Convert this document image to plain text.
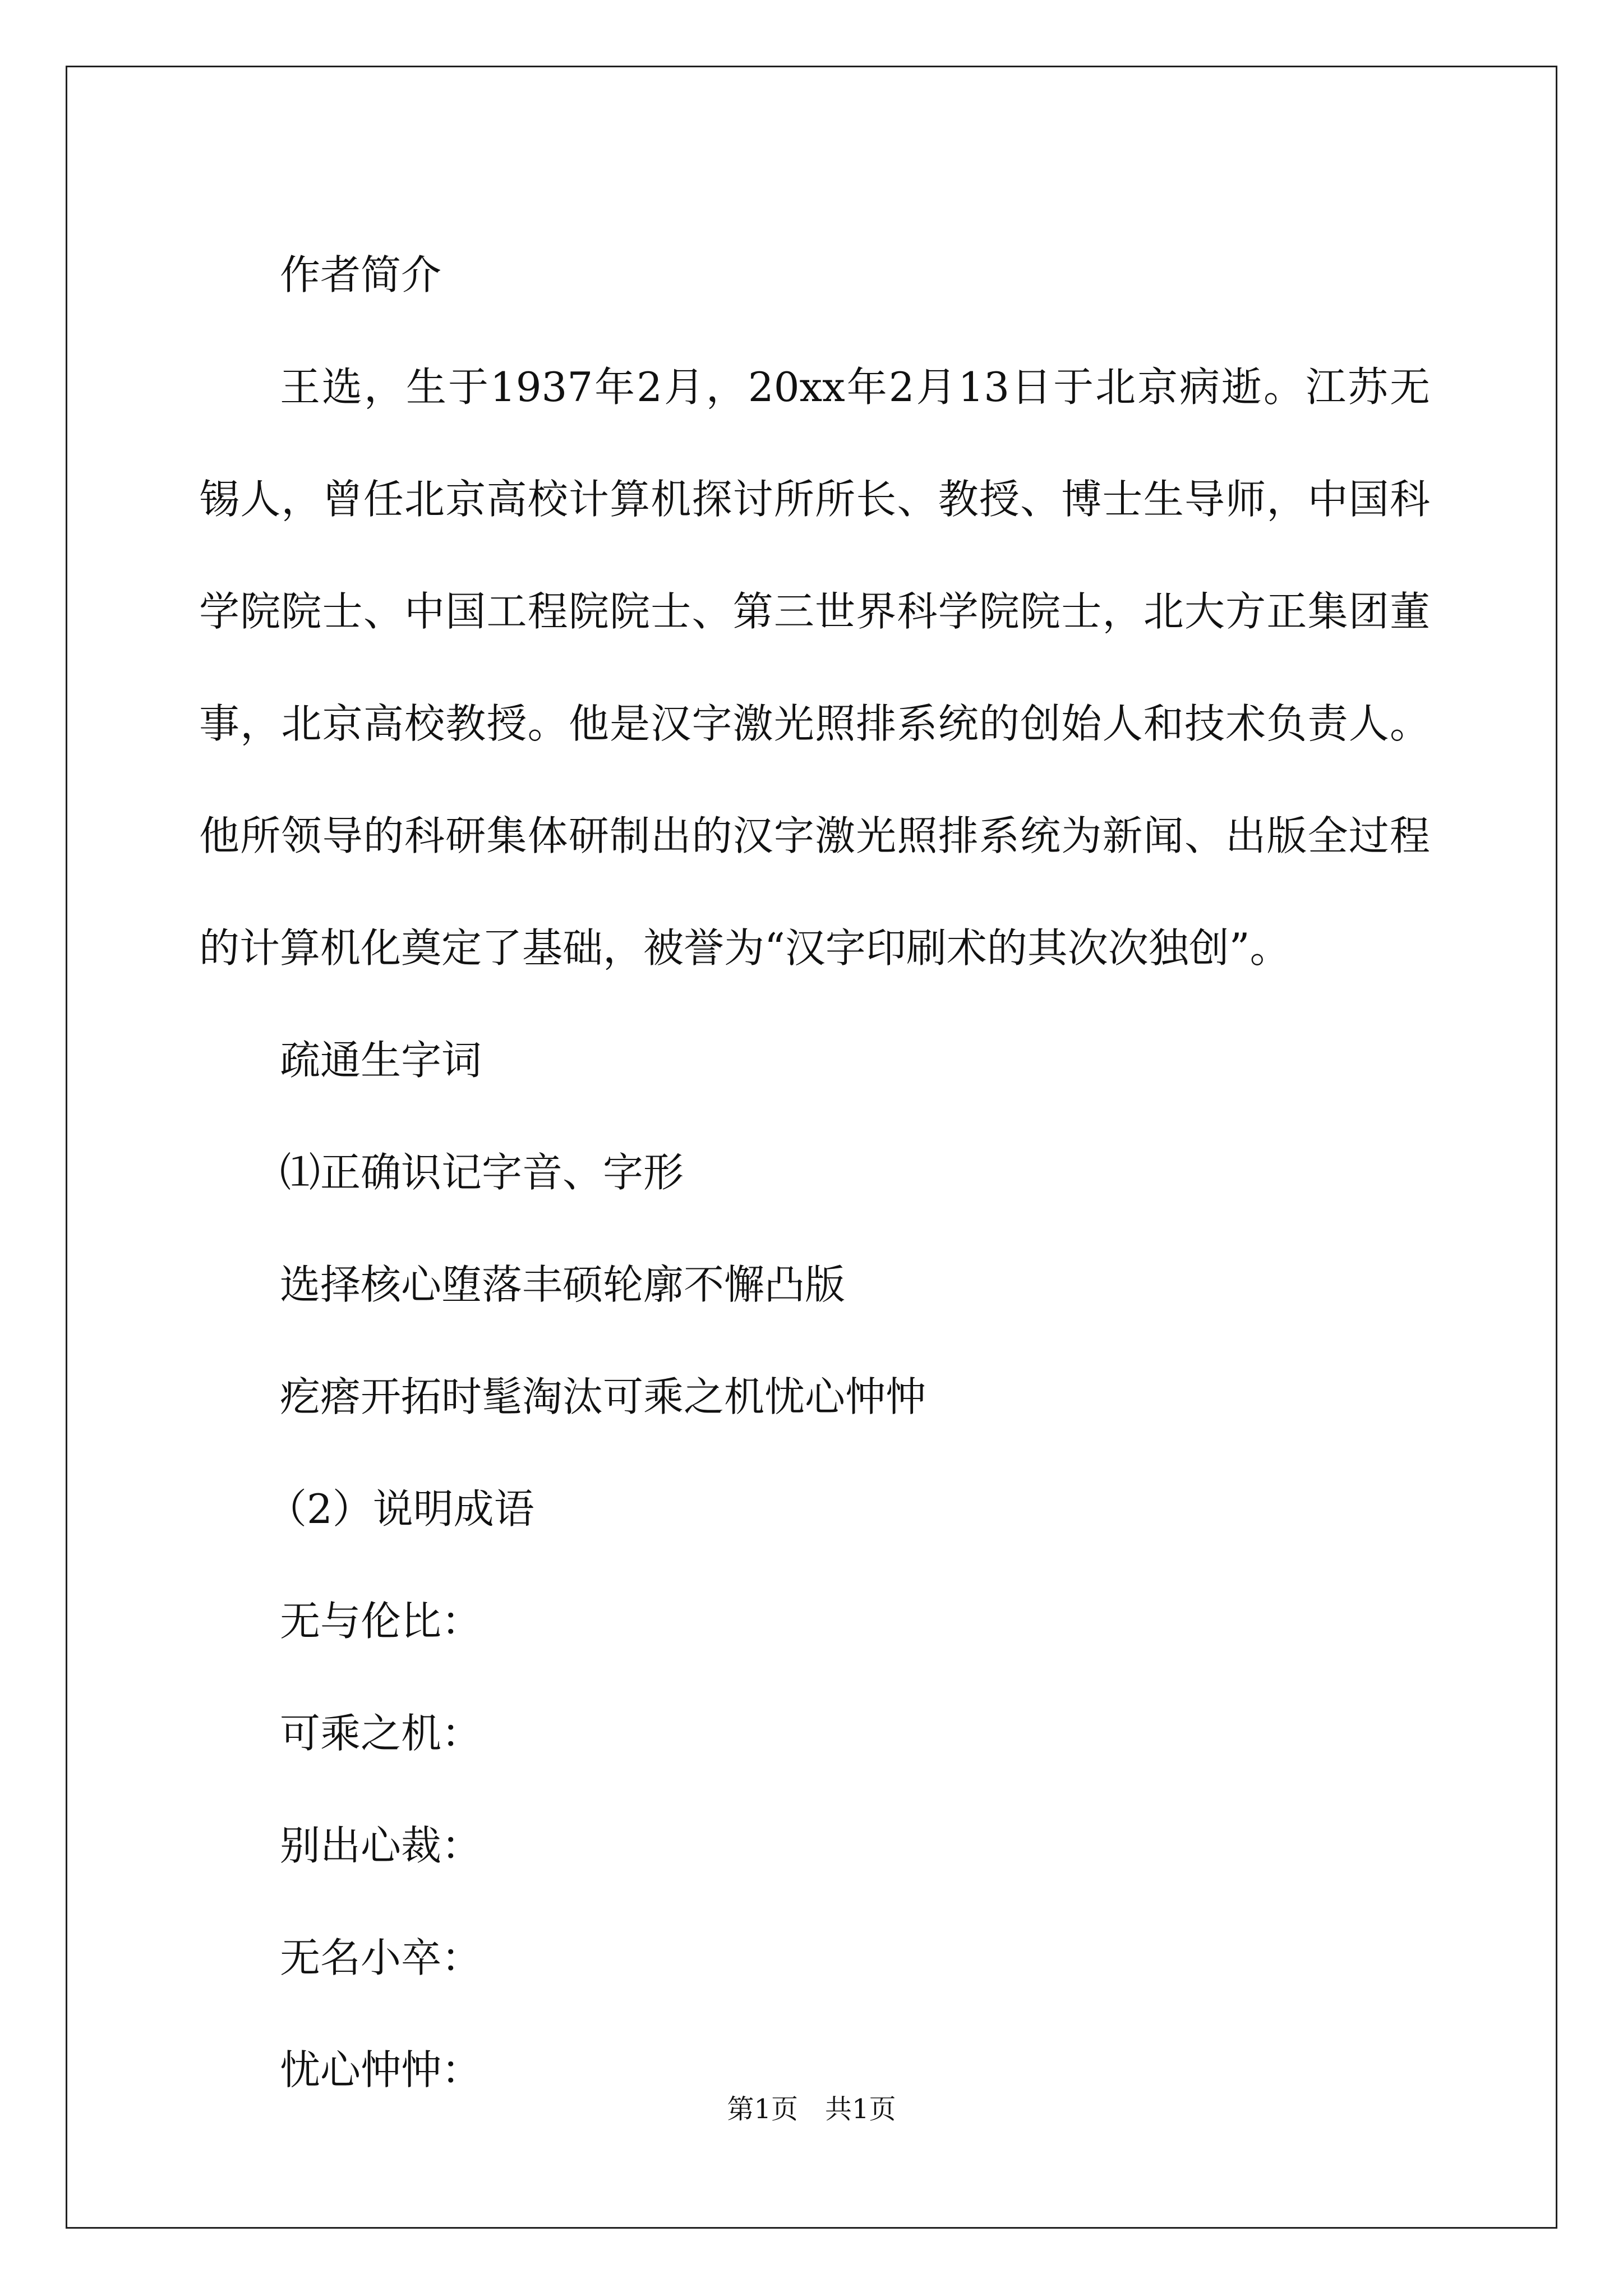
作者简介

王选，生于1937年2月，20xx年2月13日于北京病逝。江苏无锡人，曾任北京高校计算机探讨所所长、教授、博士生导师，中国科学院院士、中国工程院院士、第三世界科学院院士，北大方正集团董事，北京高校教授。他是汉字激光照排系统的创始人和技术负责人。他所领导的科研集体研制出的汉字激光照排系统为新闻、出版全过程的计算机化奠定了基础，被誉为“汉字印刷术的其次次独创”。

疏通生字词

⑴正确识记字音、字形

选择核心堕落丰硕轮廓不懈凸版

疙瘩开拓时髦淘汰可乘之机忧心忡忡

（2）说明成语

无与伦比：

可乘之机：

别出心裁：

无名小卒：

忧心忡忡：

第1页　共1页
